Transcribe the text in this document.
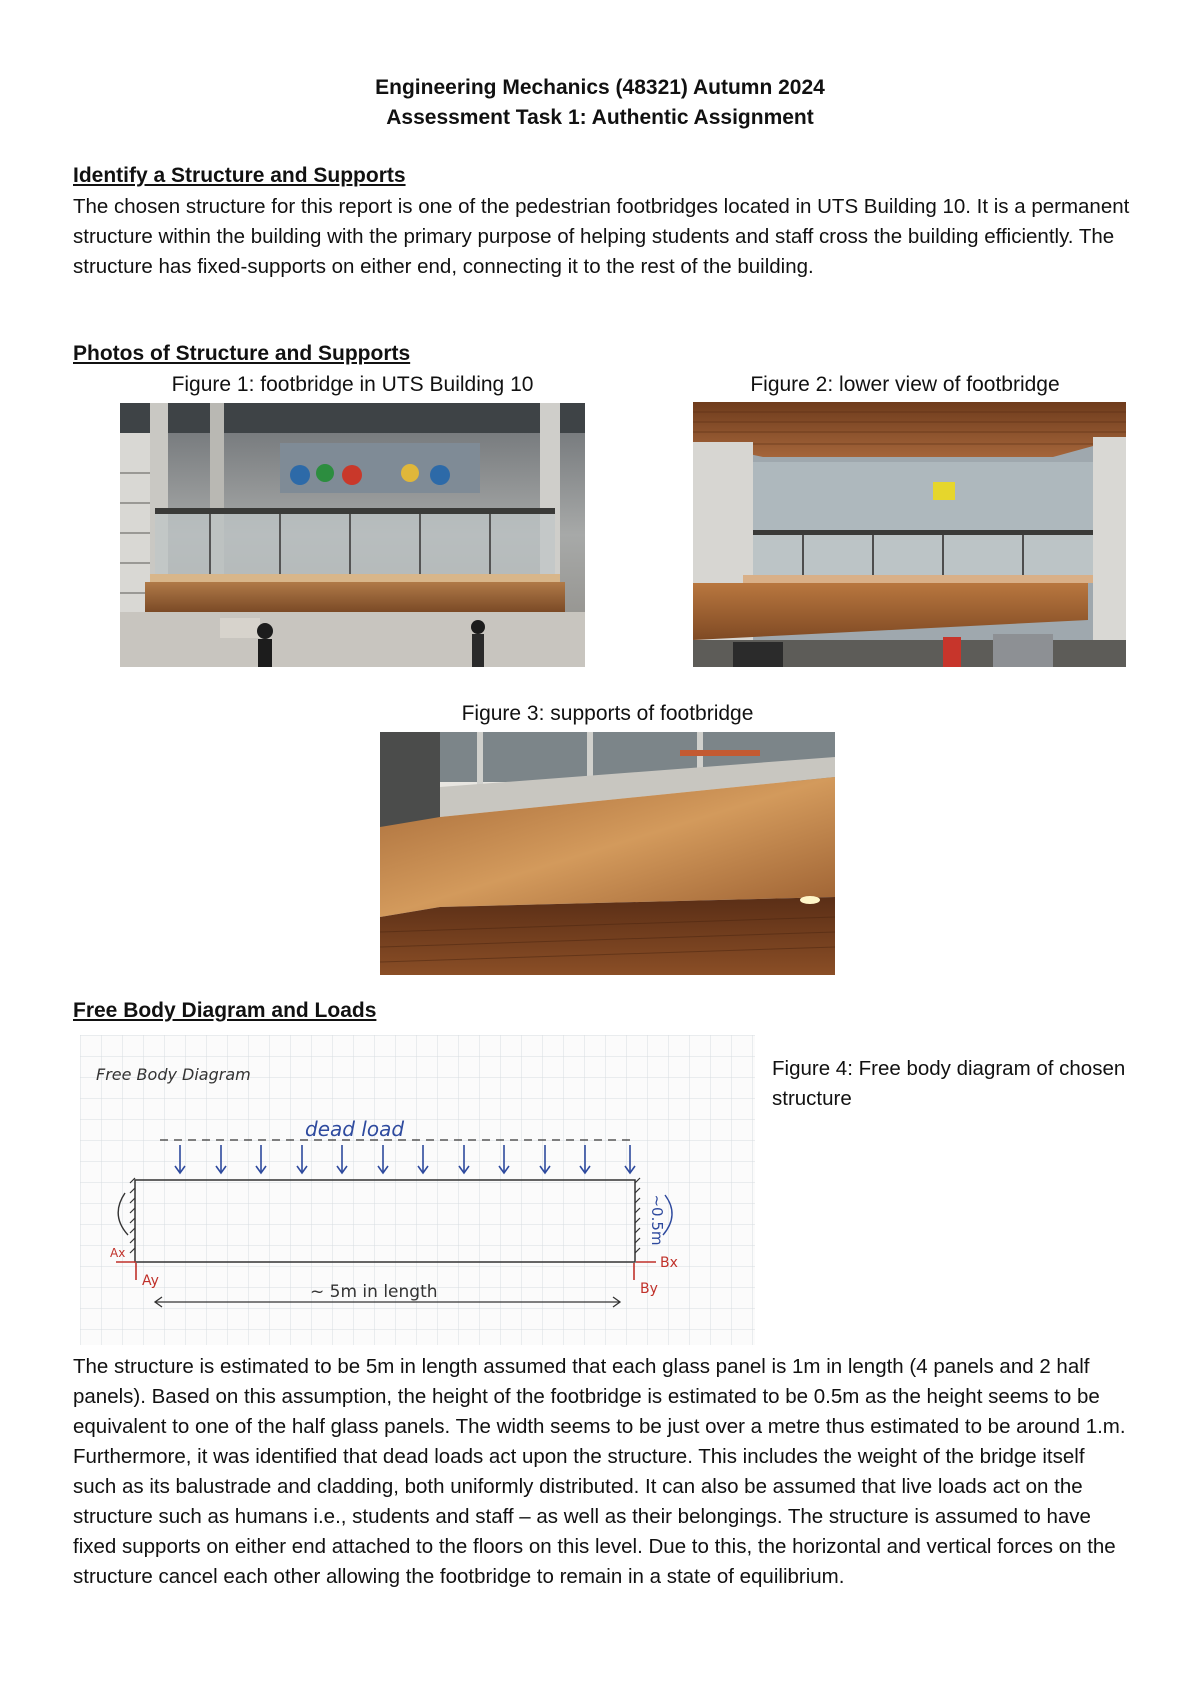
Engineering Mechanics (48321) Autumn 2024
Assessment Task 1: Authentic Assignment
Identify a Structure and Supports

The chosen structure for this report is one of the pedestrian footbridges located in UTS Building 10. It is a permanent structure within the building with the primary purpose of helping students and staff cross the building efficiently. The structure has fixed-supports on either end, connecting it to the rest of the building.

Photos of Structure and Supports
Figure 1: footbridge in UTS Building 10	Figure 2: lower view of footbridge
Figure 3: supports of footbridge
Free Body Diagram and Loads
Free Body Diagram
dead load
~0.5m
Ax
Ay
Bx
By
~ 5m in length

Figure 4: Free body diagram of chosen structure

The structure is estimated to be 5m in length assumed that each glass panel is 1m in length (4 panels and 2 half panels). Based on this assumption, the height of the footbridge is estimated to be 0.5m as the height seems to be equivalent to one of the half glass panels. The width seems to be just over a metre thus estimated to be around 1.m. Furthermore, it was identified that dead loads act upon the structure. This includes the weight of the bridge itself such as its balustrade and cladding, both uniformly distributed. It can also be assumed that live loads act on the structure such as humans i.e., students and staff – as well as their belongings. The structure is assumed to have fixed supports on either end attached to the floors on this level. Due to this, the horizontal and vertical forces on the structure cancel each other allowing the footbridge to remain in a state of equilibrium.
